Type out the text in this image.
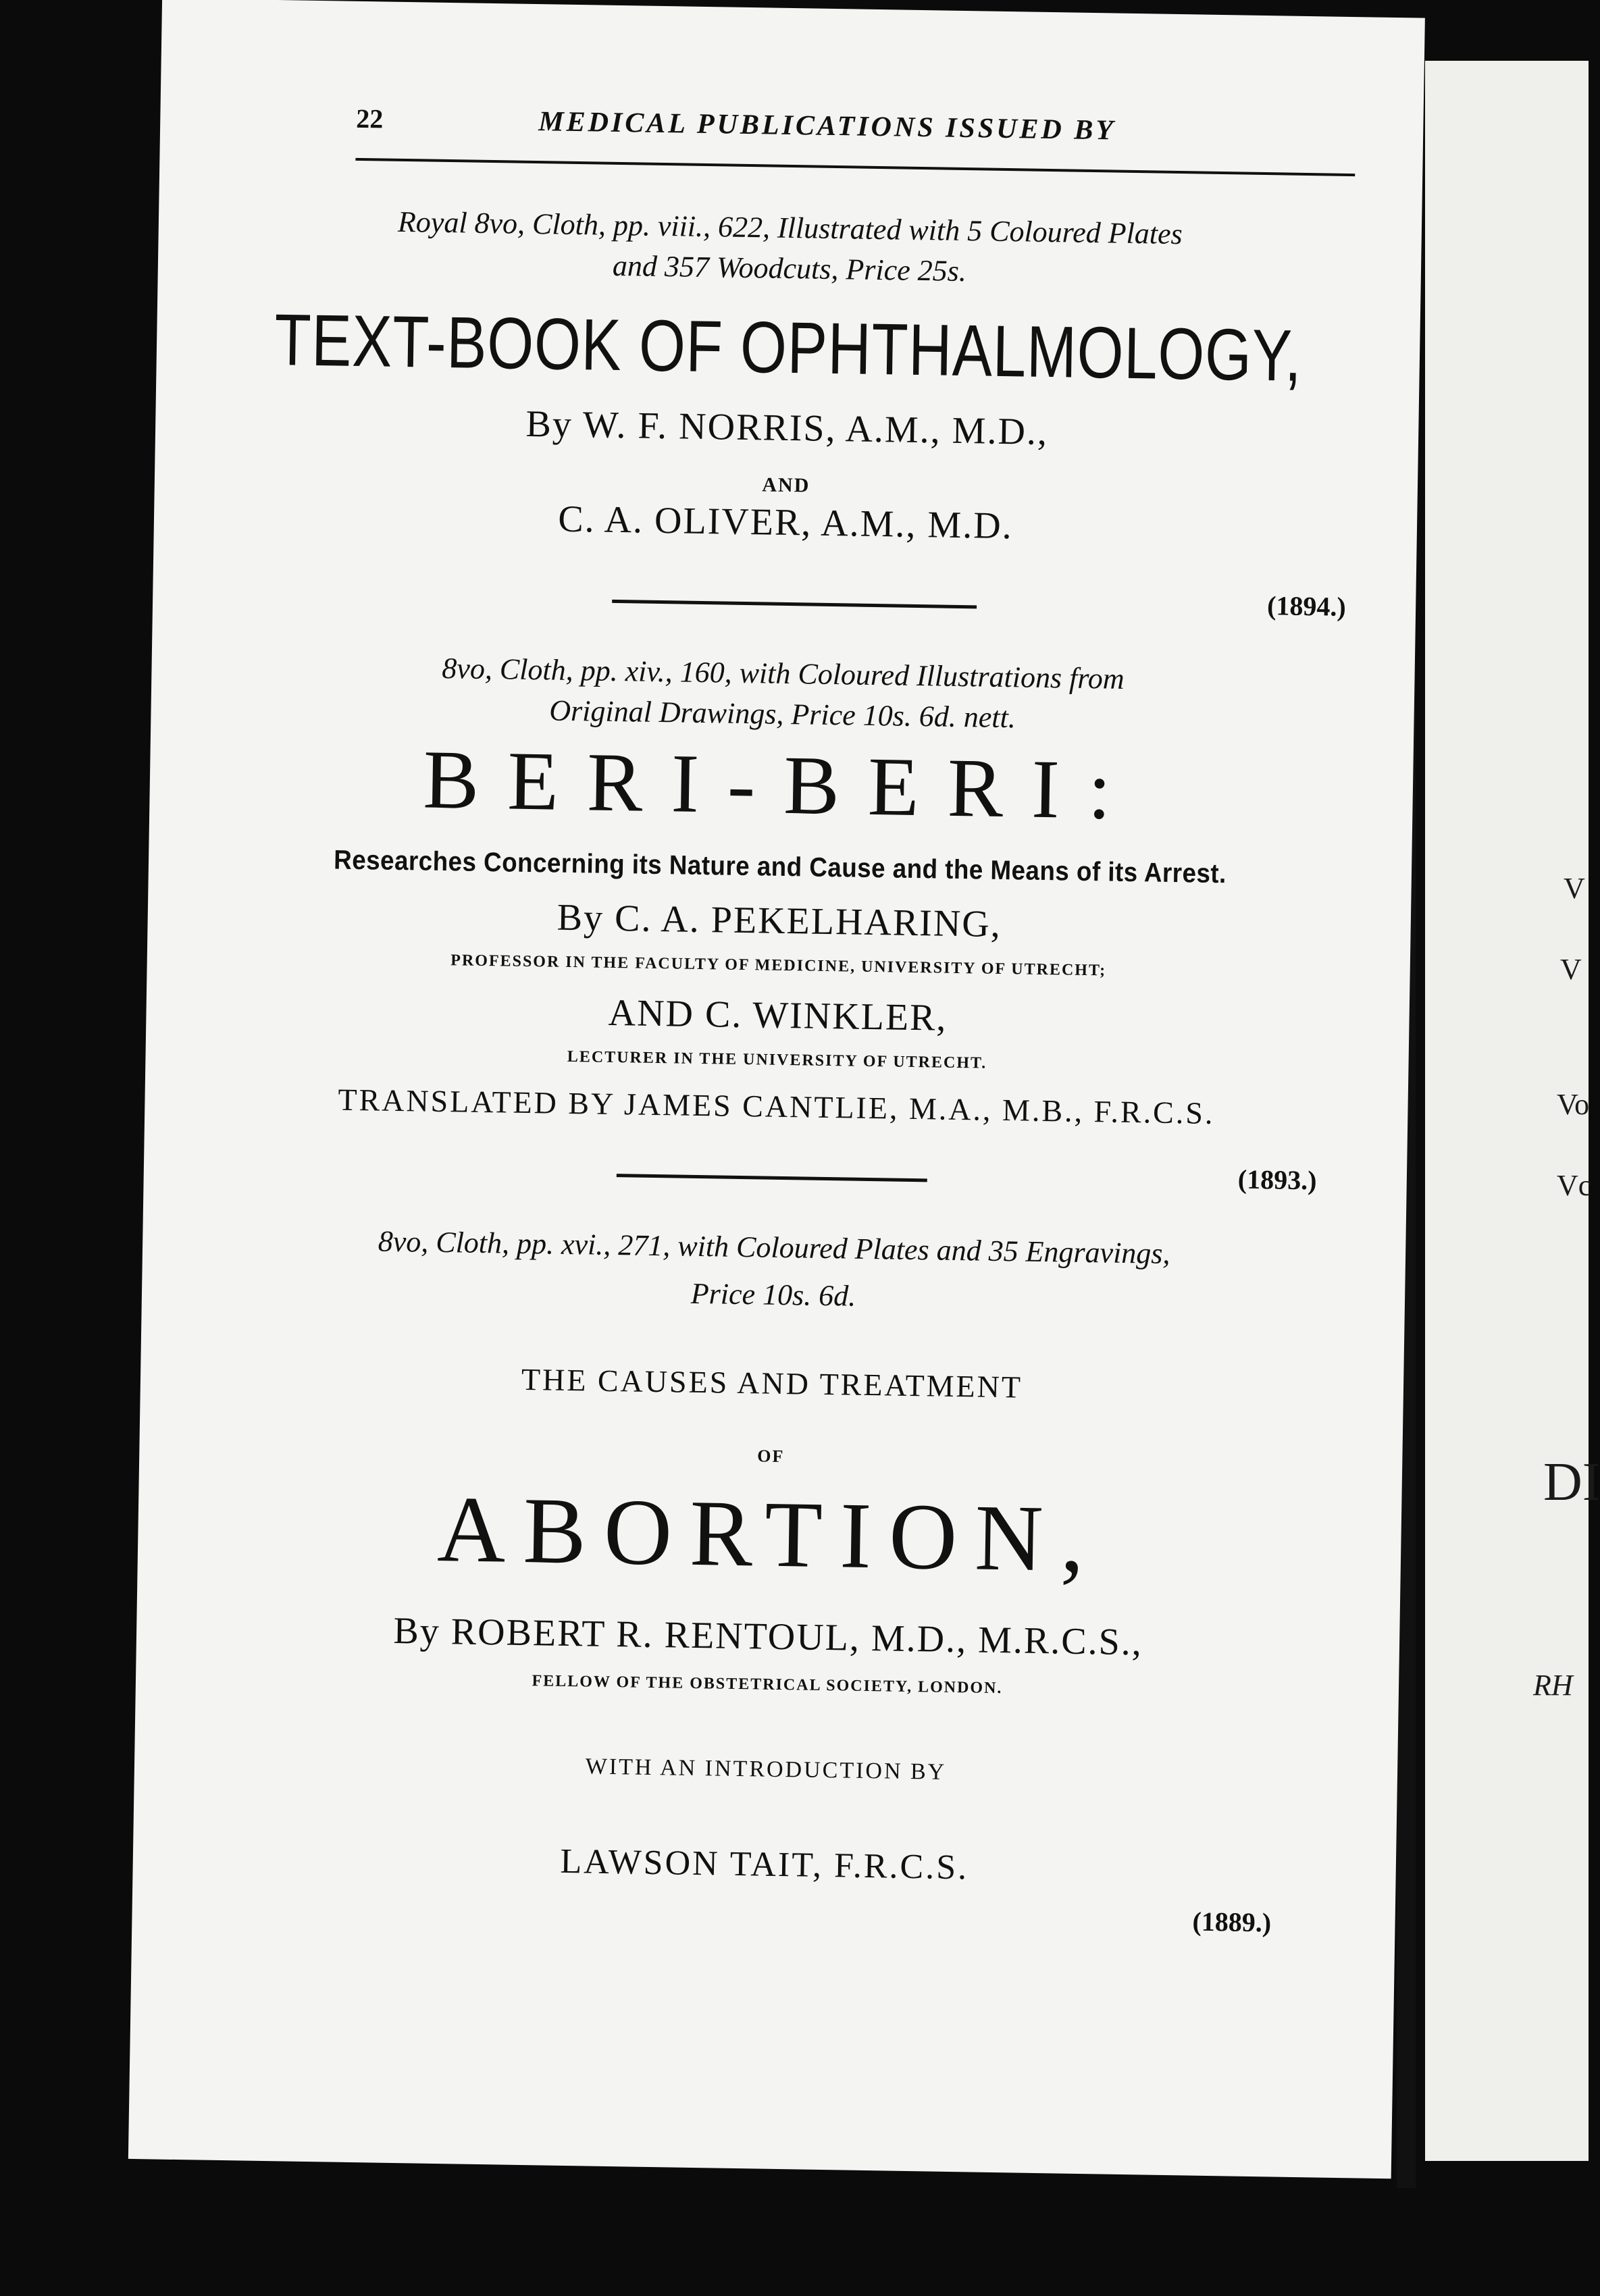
V
V
Vo
Vc
DI
RH
22	MEDICAL PUBLICATIONS ISSUED BY
Royal 8vo, Cloth, pp. viii., 622, Illustrated with 5 Coloured Plates
and 357 Woodcuts, Price 25s.
TEXT-BOOK OF OPHTHALMOLOGY,
By W. F. NORRIS, A.M., M.D.,
AND
C. A. OLIVER, A.M., M.D.
(1894.)
8vo, Cloth, pp. xiv., 160, with Coloured Illustrations from
Original Drawings, Price 10s. 6d. nett.
BERI-BERI:
Researches Concerning its Nature and Cause and the Means of its Arrest.
By C. A. PEKELHARING,
PROFESSOR IN THE FACULTY OF MEDICINE, UNIVERSITY OF UTRECHT;
AND C. WINKLER,
LECTURER IN THE UNIVERSITY OF UTRECHT.
TRANSLATED BY JAMES CANTLIE, M.A., M.B., F.R.C.S.
(1893.)
8vo, Cloth, pp. xvi., 271, with Coloured Plates and 35 Engravings,
Price 10s. 6d.
THE CAUSES AND TREATMENT
OF
ABORTION,
By ROBERT R. RENTOUL, M.D., M.R.C.S.,
FELLOW OF THE OBSTETRICAL SOCIETY, LONDON.
WITH AN INTRODUCTION BY
LAWSON TAIT, F.R.C.S.
(1889.)
